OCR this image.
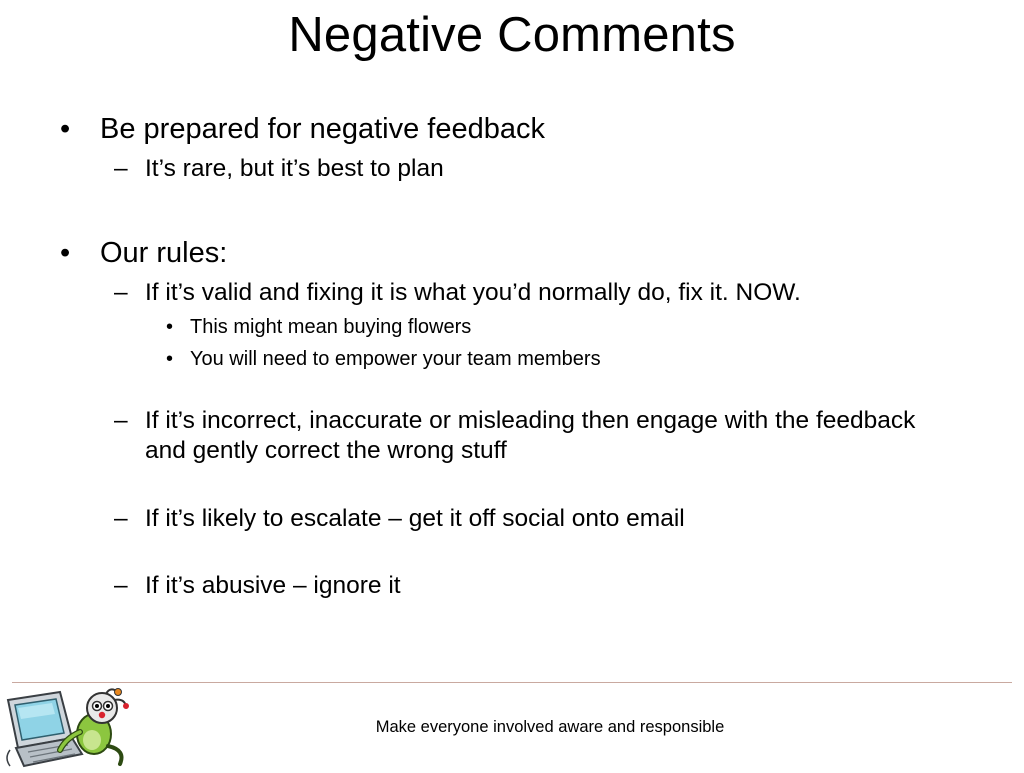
Negative Comments
• Be prepared for negative feedback
– It’s rare, but it’s best to plan
• Our rules:
– If it’s valid and fixing it is what you’d normally do, fix it. NOW.
• This might mean buying flowers
• You will need to empower your team members
– If it’s incorrect, inaccurate or misleading then engage with the feedback and gently correct the wrong stuff
– If it’s likely to escalate – get it off social onto email
– If it’s abusive – ignore it
Make everyone involved aware and responsible
